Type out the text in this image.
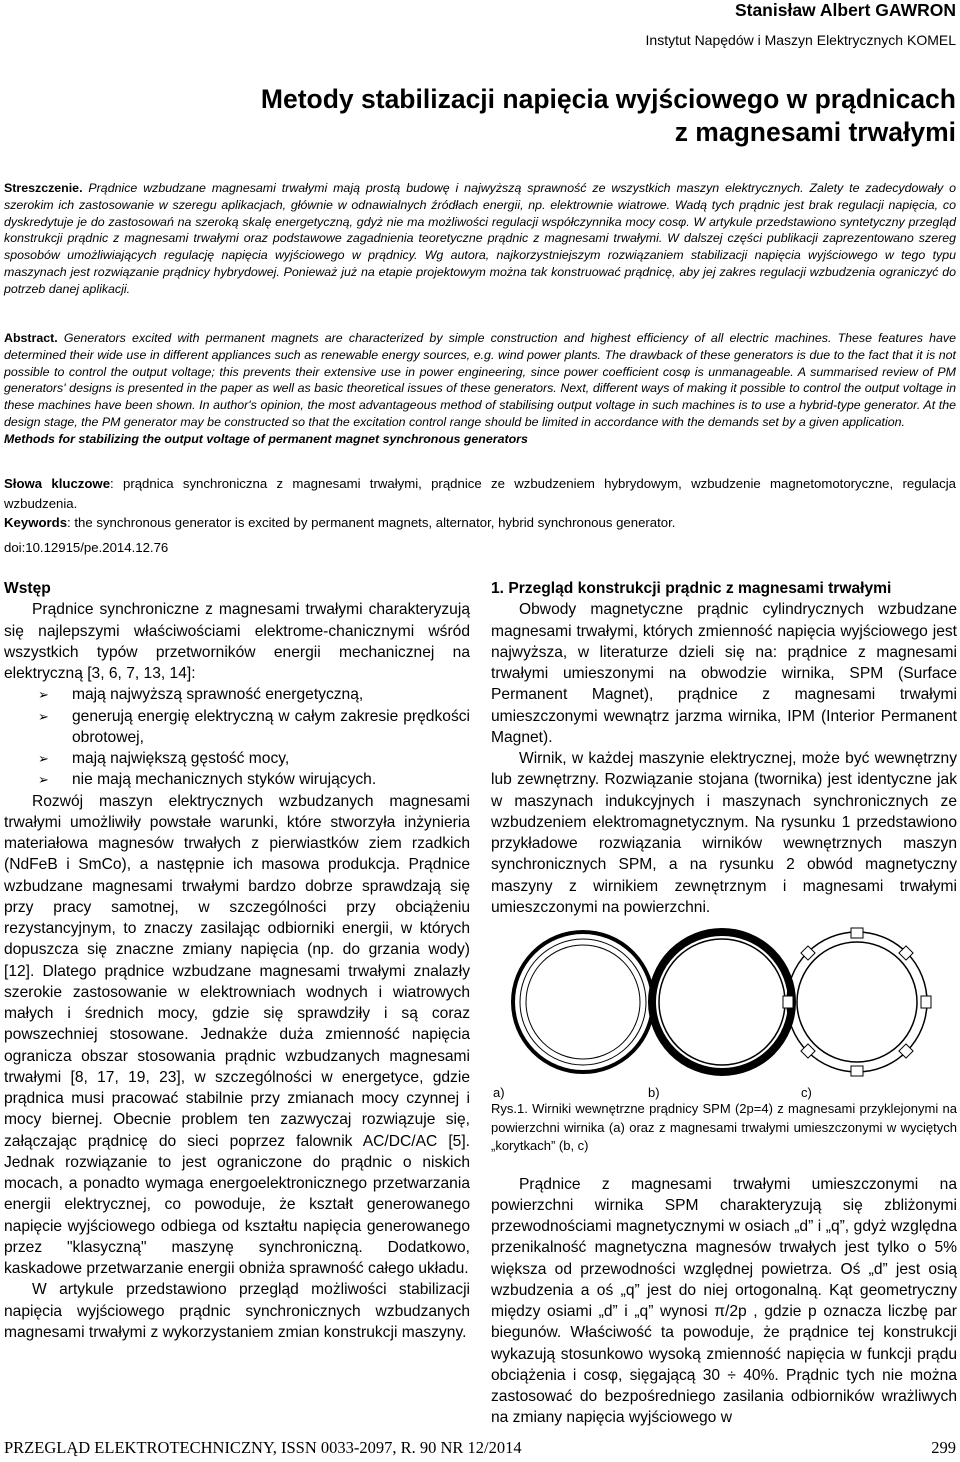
Stanisław Albert GAWRON
Instytut Napędów i Maszyn Elektrycznych KOMEL
Metody stabilizacji napięcia wyjściowego w prądnicach
z magnesami trwałymi
Streszczenie. Prądnice wzbudzane magnesami trwałymi mają prostą budowę i najwyższą sprawność ze wszystkich maszyn elektrycznych. Zalety te zadecydowały o szerokim ich zastosowanie w szeregu aplikacjach, głównie w odnawialnych źródłach energii, np. elektrownie wiatrowe. Wadą tych prądnic jest brak regulacji napięcia, co dyskredytuje je do zastosowań na szeroką skalę energetyczną, gdyż nie ma możliwości regulacji współczynnika mocy cosφ. W artykule przedstawiono syntetyczny przegląd konstrukcji prądnic z magnesami trwałymi oraz podstawowe zagadnienia teoretyczne prądnic z magnesami trwałymi. W dalszej części publikacji zaprezentowano szereg sposobów umożliwiających regulację napięcia wyjściowego w prądnicy. Wg autora, najkorzystniejszym rozwiązaniem stabilizacji napięcia wyjściowego w tego typu maszynach jest rozwiązanie prądnicy hybrydowej. Ponieważ już na etapie projektowym można tak konstruować prądnicę, aby jej zakres regulacji wzbudzenia ograniczyć do potrzeb danej aplikacji.
Abstract. Generators excited with permanent magnets are characterized by simple construction and highest efficiency of all electric machines. These features have determined their wide use in different appliances such as renewable energy sources, e.g. wind power plants. The drawback of these generators is due to the fact that it is not possible to control the output voltage; this prevents their extensive use in power engineering, since power coefficient cosφ is unmanageable. A summarised review of PM generators' designs is presented in the paper as well as basic theoretical issues of these generators. Next, different ways of making it possible to control the output voltage in these machines have been shown. In author's opinion, the most advantageous method of stabilising output voltage in such machines is to use a hybrid-type generator. At the design stage, the PM generator may be constructed so that the excitation control range should be limited in accordance with the demands set by a given application.
Methods for stabilizing the output voltage of permanent magnet synchronous generators
Słowa kluczowe: prądnica synchroniczna z magnesami trwałymi, prądnice ze wzbudzeniem hybrydowym, wzbudzenie magnetomotoryczne, regulacja wzbudzenia.
Keywords: the synchronous generator is excited by permanent magnets, alternator, hybrid synchronous generator.
doi:10.12915/pe.2014.12.76
Wstęp

Prądnice synchroniczne z magnesami trwałymi charakteryzują się najlepszymi właściwościami elektrome-chanicznymi wśród wszystkich typów przetworników energii mechanicznej na elektryczną [3, 6, 7, 13, 14]:

➢ mają najwyższą sprawność energetyczną,
➢ generują energię elektryczną w całym zakresie prędkości obrotowej,
➢ mają największą gęstość mocy,
➢ nie mają mechanicznych styków wirujących.

Rozwój maszyn elektrycznych wzbudzanych magnesami trwałymi umożliwiły powstałe warunki, które stworzyła inżynieria materiałowa magnesów trwałych z pierwiastków ziem rzadkich (NdFeB i SmCo), a następnie ich masowa produkcja. Prądnice wzbudzane magnesami trwałymi bardzo dobrze sprawdzają się przy pracy samotnej, w szczególności przy obciążeniu rezystancyjnym, to znaczy zasilając odbiorniki energii, w których dopuszcza się znaczne zmiany napięcia (np. do grzania wody) [12]. Dlatego prądnice wzbudzane magnesami trwałymi znalazły szerokie zastosowanie w elektrowniach wodnych i wiatrowych małych i średnich mocy, gdzie się sprawdziły i są coraz powszechniej stosowane. Jednakże duża zmienność napięcia ogranicza obszar stosowania prądnic wzbudzanych magnesami trwałymi [8, 17, 19, 23], w szczególności w energetyce, gdzie prądnica musi pracować stabilnie przy zmianach mocy czynnej i mocy biernej. Obecnie problem ten zazwyczaj rozwiązuje się, załączając prądnicę do sieci poprzez falownik AC/DC/AC [5]. Jednak rozwiązanie to jest ograniczone do prądnic o niskich mocach, a ponadto wymaga energoelektronicznego przetwarzania energii elektrycznej, co powoduje, że kształt generowanego napięcie wyjściowego odbiega od kształtu napięcia generowanego przez "klasyczną" maszynę synchroniczną. Dodatkowo, kaskadowe przetwarzanie energii obniża sprawność całego układu.

W artykule przedstawiono przegląd możliwości stabilizacji napięcia wyjściowego prądnic synchronicznych wzbudzanych magnesami trwałymi z wykorzystaniem zmian konstrukcji maszyny.

1. Przegląd konstrukcji prądnic z magnesami trwałymi

Obwody magnetyczne prądnic cylindrycznych wzbudzane magnesami trwałymi, których zmienność napięcia wyjściowego jest najwyższa, w literaturze dzieli się na: prądnice z magnesami trwałymi umieszonymi na obwodzie wirnika, SPM (Surface Permanent Magnet), prądnice z magnesami trwałymi umieszczonymi wewnątrz jarzma wirnika, IPM (Interior Permanent Magnet).

Wirnik, w każdej maszynie elektrycznej, może być wewnętrzny lub zewnętrzny. Rozwiązanie stojana (twornika) jest identyczne jak w maszynach indukcyjnych i maszynach synchronicznych ze wzbudzeniem elektromagnetycznym. Na rysunku 1 przedstawiono przykładowe rozwiązania wirników wewnętrznych maszyn synchronicznych SPM, a na rysunku 2 obwód magnetyczny maszyny z wirnikiem zewnętrznym i magnesami trwałymi umieszczonymi na powierzchni.

a)	b)	c)
Rys.1. Wirniki wewnętrzne prądnicy SPM (2p=4) z magnesami przyklejonymi na powierzchni wirnika (a) oraz z magnesami trwałymi umieszczonymi w wyciętych „korytkach” (b, c)

Prądnice z magnesami trwałymi umieszczonymi na powierzchni wirnika SPM charakteryzują się zbliżonymi przewodnościami magnetycznymi w osiach „d” i „q”, gdyż względna przenikalność magnetyczna magnesów trwałych jest tylko o 5% większa od przewodności względnej powietrza. Oś „d” jest osią wzbudzenia a oś „q” jest do niej ortogonalną. Kąt geometryczny między osiami „d” i „q” wynosi π/2p , gdzie p oznacza liczbę par biegunów. Właściwość ta powoduje, że prądnice tej konstrukcji wykazują stosunkowo wysoką zmienność napięcia w funkcji prądu obciążenia i cosφ, sięgającą 30 ÷ 40%. Prądnic tych nie można zastosować do bezpośredniego zasilania odbiorników wrażliwych na zmiany napięcia wyjściowego w

PRZEGLĄD ELEKTROTECHNICZNY, ISSN 0033-2097, R. 90 NR 12/2014	299
